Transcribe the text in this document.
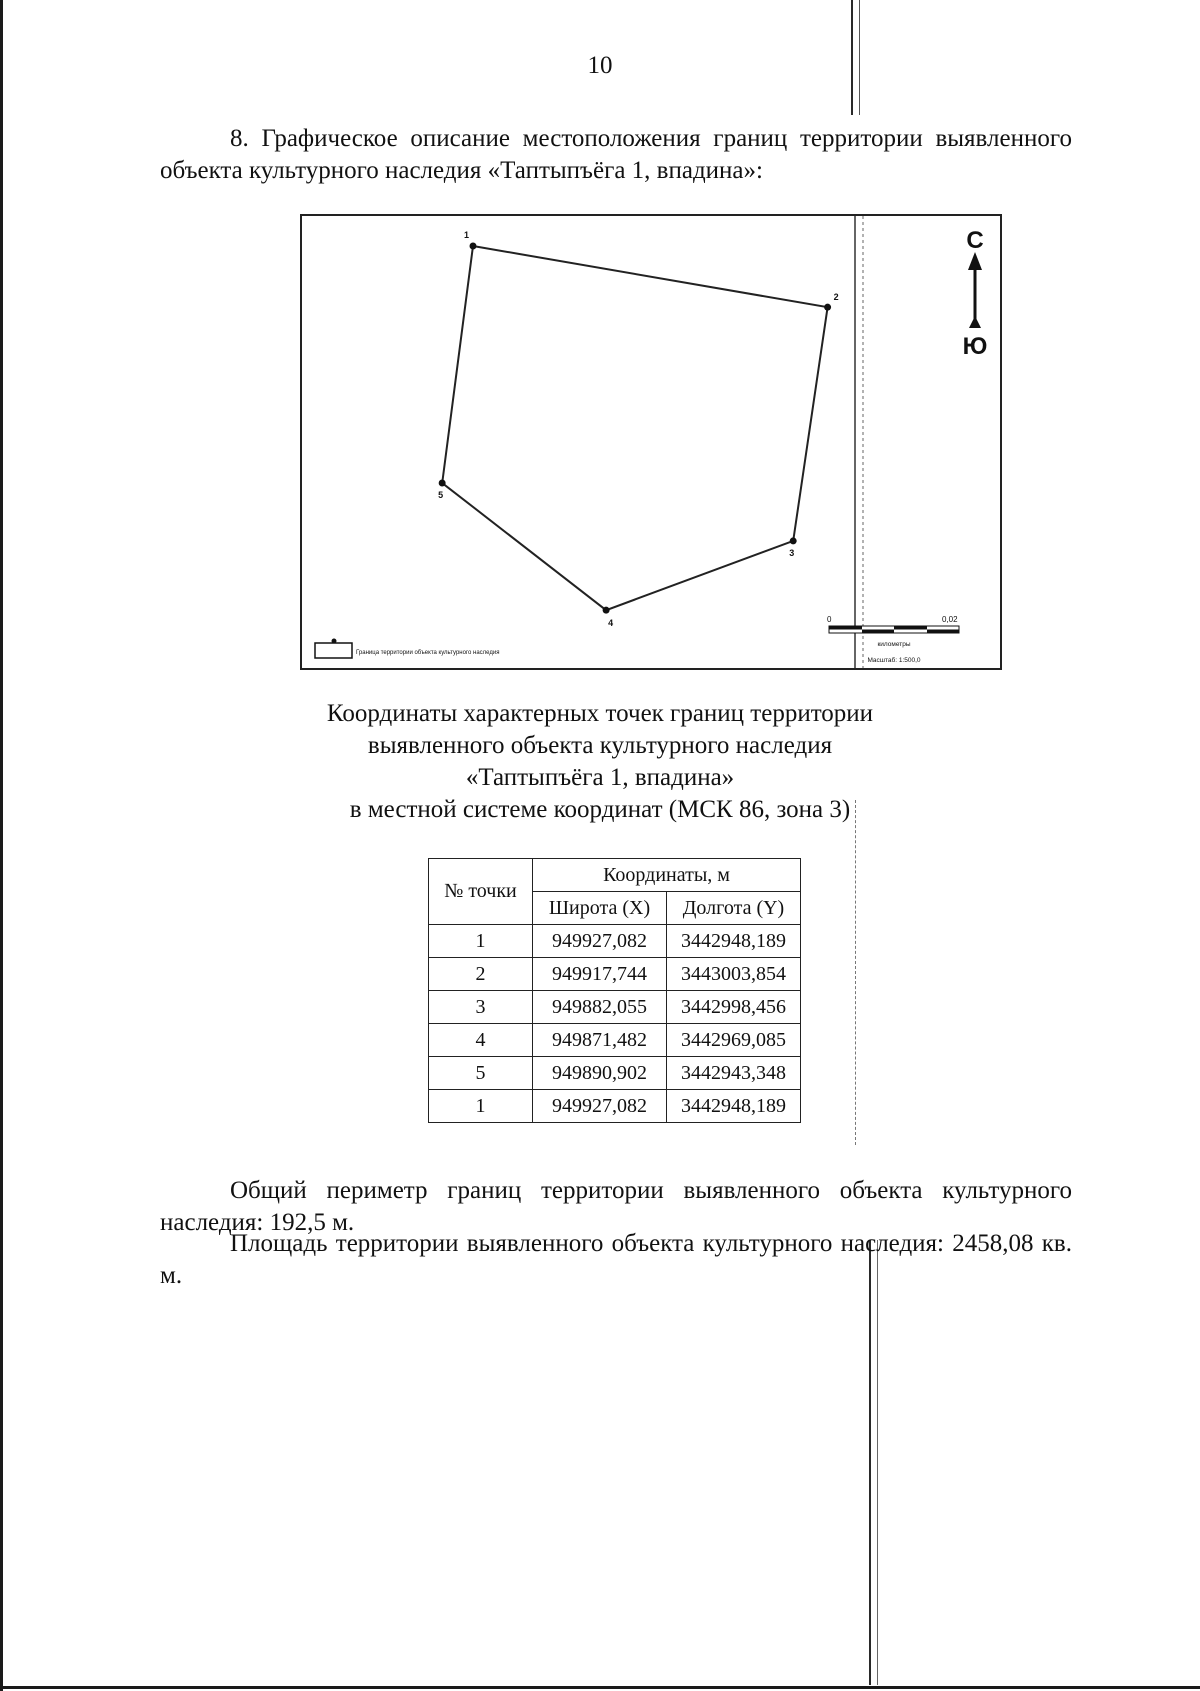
10

8. Графическое описание местоположения границ территории выявленного объекта культурного наследия «Таптыпъёга 1, впадина»:

1
2
3
4
5
С
Ю
0	0,02
километры
Масштаб: 1:500,0
Граница территории объекта культурного наследия
Координаты характерных точек границ территории
выявленного объекта культурного наследия
«Таптыпъёга 1, впадина»
в местной системе координат (МСК 86, зона 3)
№ точки	Координаты, м	
	Широта (X)	Долгота (Y)
1	949927,082	3442948,189
2	949917,744	3443003,854
3	949882,055	3442998,456
4	949871,482	3442969,085
5	949890,902	3442943,348
1	949927,082	3442948,189

Общий периметр границ территории выявленного объекта культурного наследия: 192,5 м.

Площадь территории выявленного объекта культурного наследия: 2458,08 кв. м.
